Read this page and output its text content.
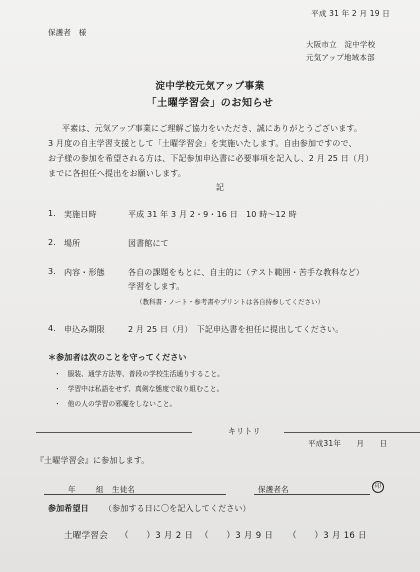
平成 31 年 2 月 19 日
保護者　様
大阪市立　淀中学校
元気アップ地域本部
淀中学校元気アップ事業
「土曜学習会」のお知らせ
平素は、元気アップ事業にご理解ご協力をいただき、誠にありがとうございます。
3 月度の自主学習支援として「土曜学習会」を実施いたします。自由参加ですので、
お子様の参加を希望される方は、下記参加申込書に必要事項を記入し、2 月 25 日（月）
までに各担任へ提出をお願いします。
記
1. 実施日時	平成 31 年 3 月 2・9・16 日　10 時～12 時
2. 場所	図書館にて
3. 内容・形態	各自の課題をもとに、自主的に（テスト範囲・苦手な教科など）
学習をします。
（教科書・ノート・参考書やプリントは各自持参してください）
4. 申込み期限	2 月 25 日（月）　下記申込書を担任に提出してください。
＊参加者は次のことを守ってください
・　服装、通学方法等、普段の学校生活通りすること。
・　学習中は私語をせず、真剣な態度で取り組むこと。
・　他の人の学習の邪魔をしないこと。
キリトリ
平成31年　　月　　日
『土曜学習会』に参加します。
年	組 生徒名	保護者名	印
参加希望日 （参加する日に〇を記入してください）
土曜学習会 （　　）3 月 2 日 （　　）3 月 9 日 （　　）3 月 16 日
